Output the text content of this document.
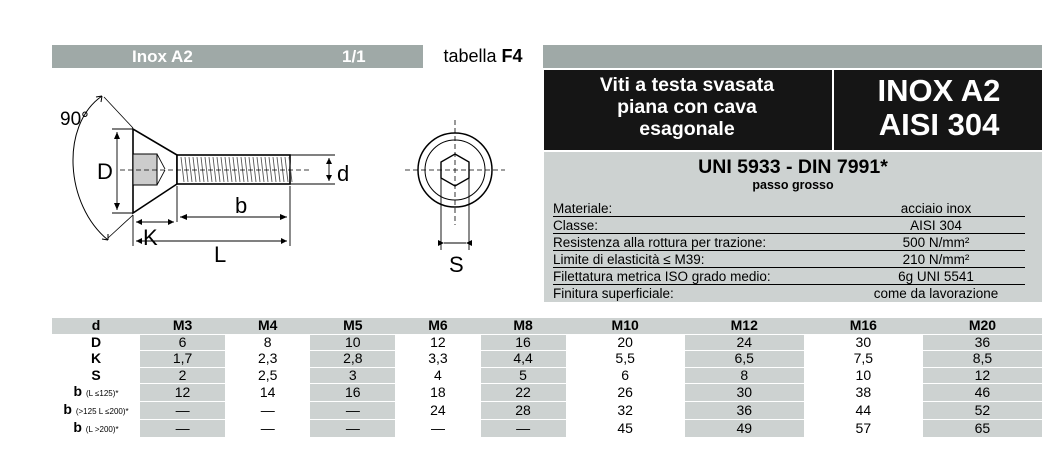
Inox A2	1/1	tabella F4
Viti a testa svasata
piana con cava
esagonale
INOX A2
AISI 304
UNI 5933 - DIN 7991*
passo grosso
Materiale:	acciaio inox
Classe:	AISI 304
Resistenza alla rottura per trazione:	500 N/mm²
Limite di elasticità ≤ M39:	210 N/mm²
Filettatura metrica ISO grado medio:	6g UNI 5541
Finitura superficiale:	come da lavorazione
90°
D	d
b
K
L	S
d	M3	M4	M5	M6	M8	M10	M12	M16	M20
D	6	8	10	12	16	20	24	30	36
K	1,7	2,3	2,8	3,3	4,4	5,5	6,5	7,5	8,5
S	2	2,5	3	4	5	6	8	10	12
b (L ≤125)*	12	14	16	18	22	26	30	38	46
b (>125 L ≤200)*	—	—	—	24	28	32	36	44	52
b (L >200)*	—	—	—	—	—	45	49	57	65
